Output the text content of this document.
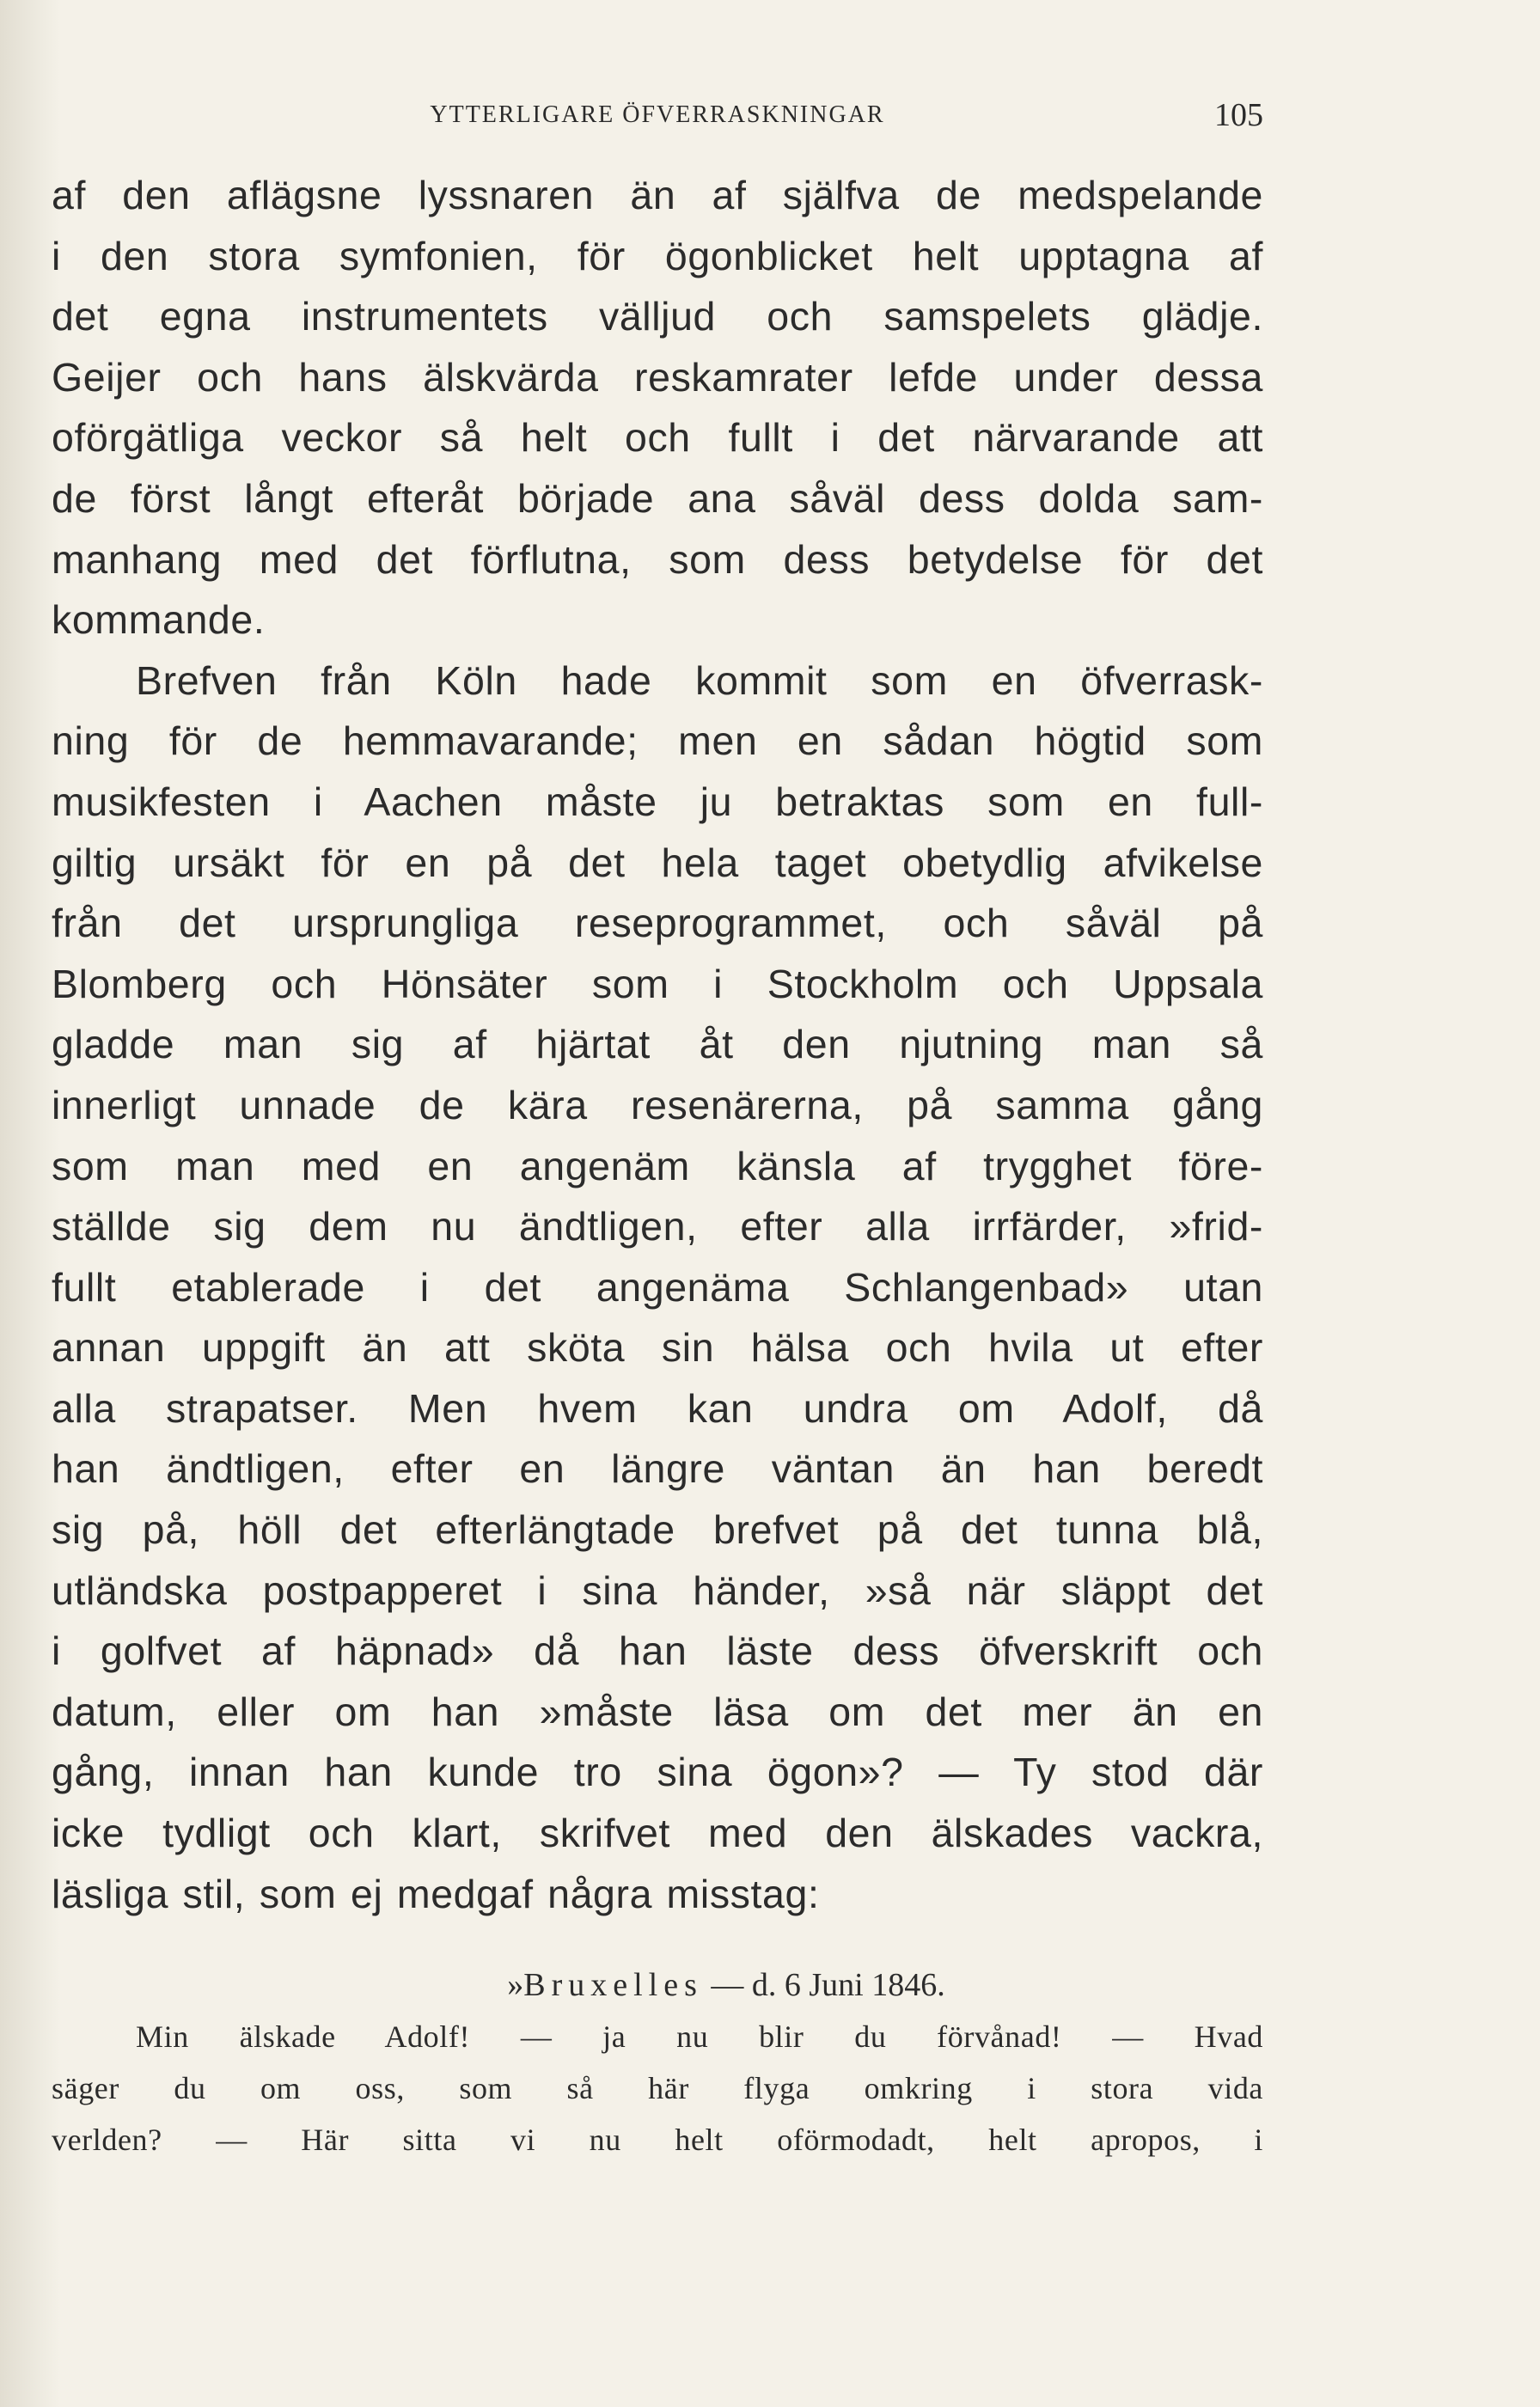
YTTERLIGARE ÖFVERRASKNINGAR	105
af den aflägsne lyssnaren än af själfva de medspelande
i den stora symfonien, för ögonblicket helt upptagna af
det egna instrumentets välljud och samspelets glädje.
Geijer och hans älskvärda reskamrater lefde under dessa
oförgätliga veckor så helt och fullt i det närvarande att
de först långt efteråt började ana såväl dess dolda sam-
manhang med det förflutna, som dess betydelse för det
kommande.
Brefven från Köln hade kommit som en öfverrask-
ning för de hemmavarande; men en sådan högtid som
musikfesten i Aachen måste ju betraktas som en full-
giltig ursäkt för en på det hela taget obetydlig afvikelse
från det ursprungliga reseprogrammet, och såväl på
Blomberg och Hönsäter som i Stockholm och Uppsala
gladde man sig af hjärtat åt den njutning man så
innerligt unnade de kära resenärerna, på samma gång
som man med en angenäm känsla af trygghet före-
ställde sig dem nu ändtligen, efter alla irrfärder, »frid-
fullt etablerade i det angenäma Schlangenbad» utan
annan uppgift än att sköta sin hälsa och hvila ut efter
alla strapatser. Men hvem kan undra om Adolf, då
han ändtligen, efter en längre väntan än han beredt
sig på, höll det efterlängtade brefvet på det tunna blå,
utländska postpapperet i sina händer, »så när släppt det
i golfvet af häpnad» då han läste dess öfverskrift och
datum, eller om han »måste läsa om det mer än en
gång, innan han kunde tro sina ögon»? — Ty stod där
icke tydligt och klart, skrifvet med den älskades vackra,
läsliga stil, som ej medgaf några misstag:
»Bruxelles — d. 6 Juni 1846.
Min älskade Adolf! — ja nu blir du förvånad! — Hvad
säger du om oss, som så här flyga omkring i stora vida
verlden? — Här sitta vi nu helt oförmodadt, helt apropos, i
